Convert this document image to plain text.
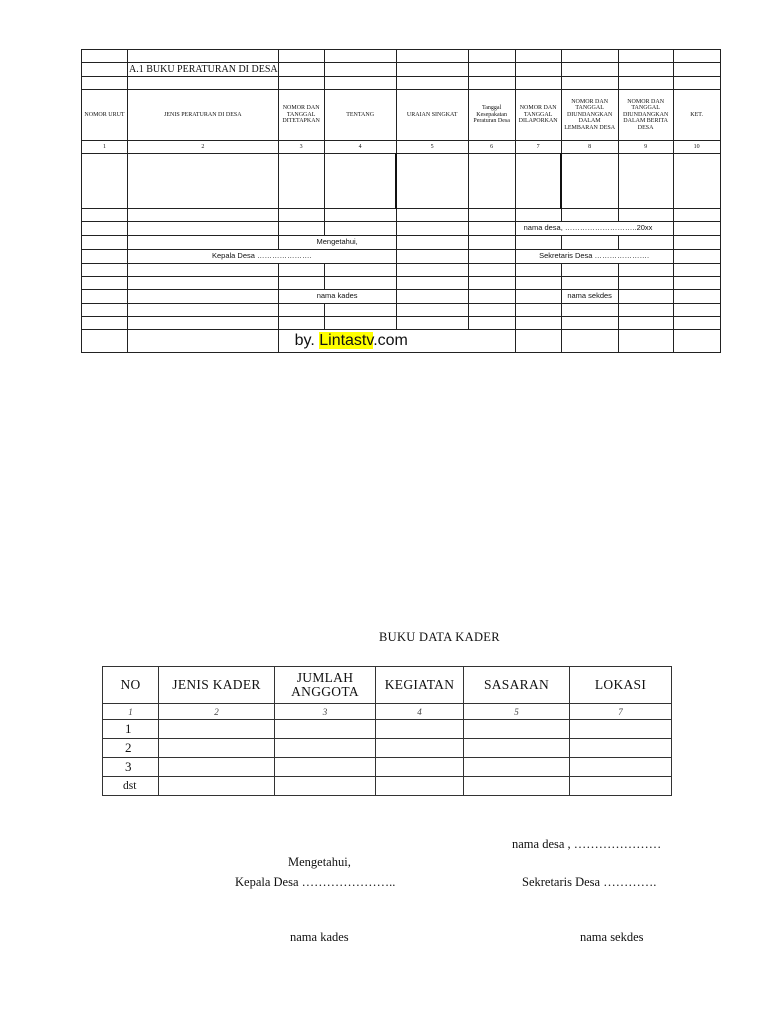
	A.1 BUKU PERATURAN DI DESA								

NOMOR URUT	JENIS PERATURAN DI DESA	NOMOR DAN TANGGAL DITETAPKAN	TENTANG	URAIAN SINGKAT	Tanggal Kesepakatan Peraturan Desa	NOMOR DAN TANGGAL DILAPORKAN	NOMOR DAN TANGGAL DIUNDANGKAN DALAM LEMBARAN DESA	NOMOR DAN TANGGAL DIUNDANGKAN DALAM BERITA DESA	KET.
1	2	3	4	5	6	7	8	9	10

						nama desa, ………………………..20xx			
		Mengetahui,							
	Kepala Desa ………………….					Sekretaris Desa ………………….			

		nama kades					nama sekdes		

		by. Lintastv.com							
BUKU DATA KADER
NO	JENIS KADER	JUMLAH ANGGOTA	KEGIATAN	SASARAN	LOKASI
1	2	3	4	5	7
1					
2					
3					
dst					
nama desa , …………………
Mengetahui,
Kepala Desa …………………..	Sekretaris Desa ………….
nama kades	nama sekdes
